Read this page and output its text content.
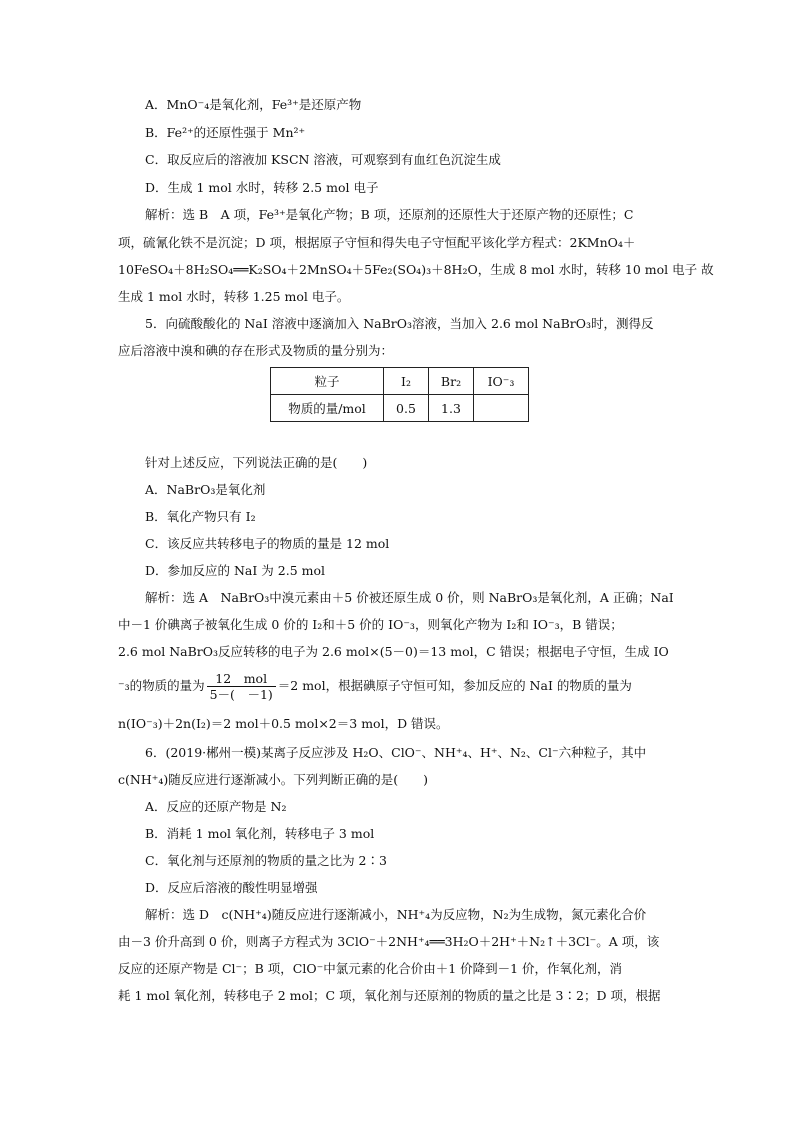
A．MnO⁻₄是氧化剂，Fe³⁺是还原产物
B．Fe²⁺的还原性强于 Mn²⁺
C．取反应后的溶液加 KSCN 溶液，可观察到有血红色沉淀生成
D．生成 1 mol 水时，转移 2.5 mol 电子
解析：选 B　A 项，Fe³⁺是氧化产物；B 项，还原剂的还原性大于还原产物的还原性；C
项，硫氰化铁不是沉淀；D 项，根据原子守恒和得失电子守恒配平该化学方程式：2KMnO₄＋
10FeSO₄＋8H₂SO₄══K₂SO₄＋2MnSO₄＋5Fe₂(SO₄)₃＋8H₂O，生成 8 mol 水时，转移 10 mol 电子 故
生成 1 mol 水时，转移 1.25 mol 电子。
5．向硫酸酸化的 NaI 溶液中逐滴加入 NaBrO₃溶液，当加入 2.6 mol NaBrO₃时，测得反
应后溶液中溴和碘的存在形式及物质的量分别为：
粒子	I₂	Br₂	IO⁻₃
物质的量/mol	0.5	1.3	
针对上述反应，下列说法正确的是(　　)
A．NaBrO₃是氧化剂
B．氧化产物只有 I₂
C．该反应共转移电子的物质的量是 12 mol
D．参加反应的 NaI 为 2.5 mol
解析：选 A　NaBrO₃中溴元素由＋5 价被还原生成 0 价，则 NaBrO₃是氧化剂，A 正确；NaI
中－1 价碘离子被氧化生成 0 价的 I₂和＋5 价的 IO⁻₃，则氧化产物为 I₂和 IO⁻₃，B 错误；
2.6 mol NaBrO₃反应转移的电子为 2.6 mol×(5－0)＝13 mol，C 错误；根据电子守恒，生成 IO
⁻₃的物质的量为 $\frac{\text{12　mol}}{5-( -1)} =2$ mol，根据碘原子守恒可知，参加反应的 NaI 的物质的量为
n(IO⁻₃)＋2n(I₂)＝2 mol＋0.5 mol×2＝3 mol，D 错误。
6．(2019·郴州一模)某离子反应涉及 H₂O、ClO⁻、NH⁺₄、H⁺、N₂、Cl⁻六种粒子，其中
c(NH⁺₄)随反应进行逐渐减小。下列判断正确的是(　　)
A．反应的还原产物是 N₂
B．消耗 1 mol 氧化剂，转移电子 3 mol
C．氧化剂与还原剂的物质的量之比为 2∶3
D．反应后溶液的酸性明显增强
解析：选 D　c(NH⁺₄)随反应进行逐渐减小，NH⁺₄为反应物，N₂为生成物，氮元素化合价
由－3 价升高到 0 价，则离子方程式为 3ClO⁻＋2NH⁺₄══3H₂O＋2H⁺＋N₂↑＋3Cl⁻。A 项，该
反应的还原产物是 Cl⁻；B 项，ClO⁻中氯元素的化合价由＋1 价降到－1 价，作氧化剂，消
耗 1 mol 氧化剂，转移电子 2 mol；C 项，氧化剂与还原剂的物质的量之比是 3∶2；D 项，根据
